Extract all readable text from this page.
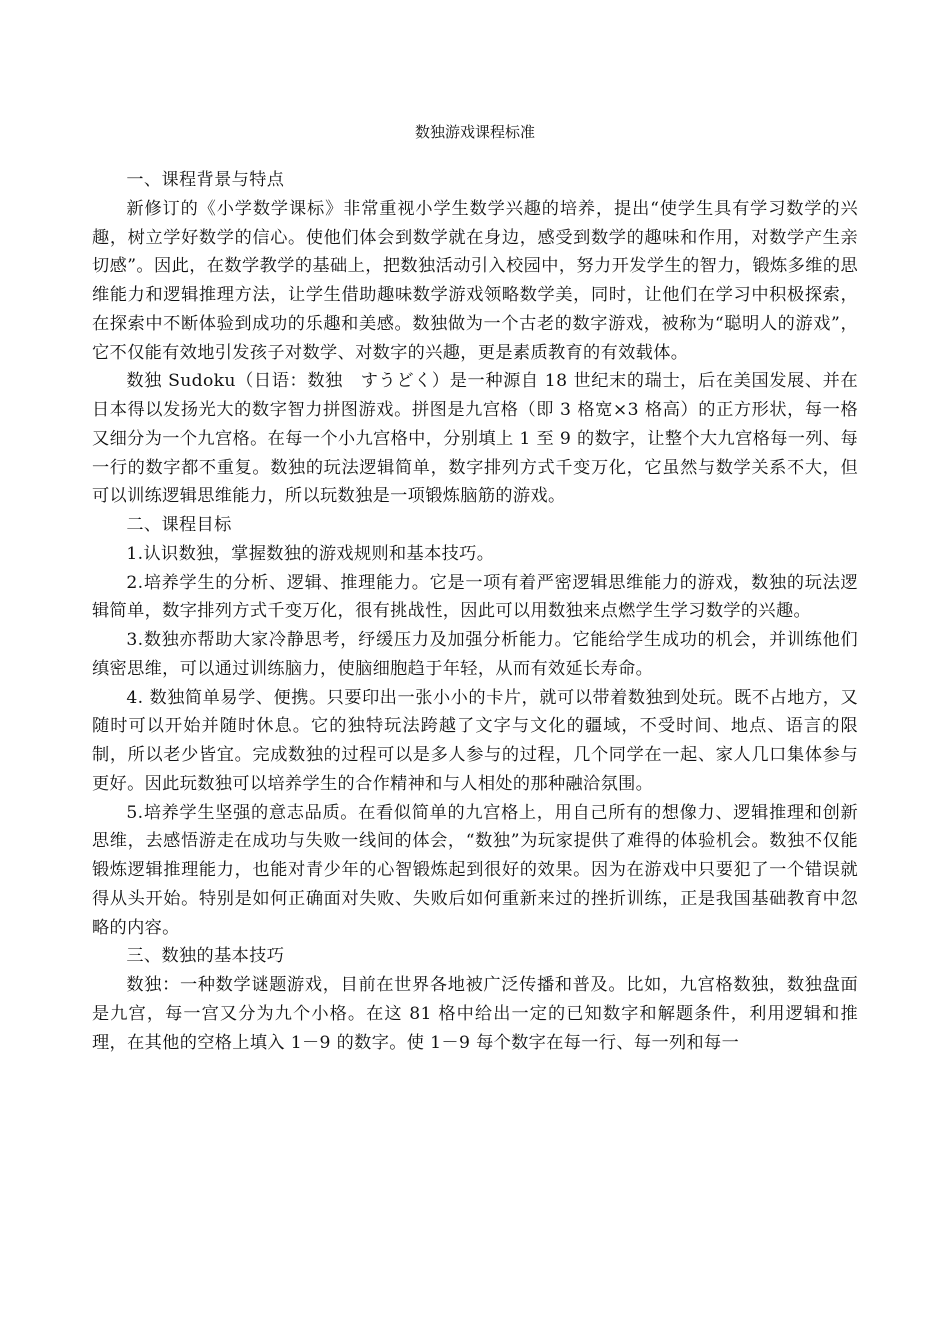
数独游戏课程标准

一、课程背景与特点

新修订的《小学数学课标》非常重视小学生数学兴趣的培养，提出“使学生具有学习数学的兴趣，树立学好数学的信心。使他们体会到数学就在身边，感受到数学的趣味和作用，对数学产生亲切感”。因此，在数学教学的基础上，把数独活动引入校园中，努力开发学生的智力，锻炼多维的思维能力和逻辑推理方法，让学生借助趣味数学游戏领略数学美，同时，让他们在学习中积极探索，在探索中不断体验到成功的乐趣和美感。数独做为一个古老的数字游戏，被称为“聪明人的游戏”，它不仅能有效地引发孩子对数学、对数字的兴趣，更是素质教育的有效载体。

数独 Sudoku（日语：数独　すうどく）是一种源自 18 世纪末的瑞士，后在美国发展、并在日本得以发扬光大的数字智力拼图游戏。拼图是九宫格（即 3 格宽×3 格高）的正方形状，每一格又细分为一个九宫格。在每一个小九宫格中，分别填上 1 至 9 的数字，让整个大九宫格每一列、每一行的数字都不重复。数独的玩法逻辑简单，数字排列方式千变万化，它虽然与数学关系不大，但可以训练逻辑思维能力，所以玩数独是一项锻炼脑筋的游戏。

二、课程目标

1.认识数独，掌握数独的游戏规则和基本技巧。

2.培养学生的分析、逻辑、推理能力。它是一项有着严密逻辑思维能力的游戏，数独的玩法逻辑简单，数字排列方式千变万化，很有挑战性，因此可以用数独来点燃学生学习数学的兴趣。

3.数独亦帮助大家冷静思考，纾缓压力及加强分析能力。它能给学生成功的机会，并训练他们缜密思维，可以通过训练脑力，使脑细胞趋于年轻，从而有效延长寿命。

4. 数独简单易学、便携。只要印出一张小小的卡片，就可以带着数独到处玩。既不占地方，又随时可以开始并随时休息。它的独特玩法跨越了文字与文化的疆域，不受时间、地点、语言的限制，所以老少皆宜。完成数独的过程可以是多人参与的过程，几个同学在一起、家人几口集体参与更好。因此玩数独可以培养学生的合作精神和与人相处的那种融洽氛围。

5.培养学生坚强的意志品质。在看似简单的九宫格上，用自己所有的想像力、逻辑推理和创新思维，去感悟游走在成功与失败一线间的体会，“数独”为玩家提供了难得的体验机会。数独不仅能锻炼逻辑推理能力，也能对青少年的心智锻炼起到很好的效果。因为在游戏中只要犯了一个错误就得从头开始。特别是如何正确面对失败、失败后如何重新来过的挫折训练，正是我国基础教育中忽略的内容。

三、数独的基本技巧

数独：一种数学谜题游戏，目前在世界各地被广泛传播和普及。比如，九宫格数独，数独盘面是九宫，每一宫又分为九个小格。在这 81 格中给出一定的已知数字和解题条件，利用逻辑和推理，在其他的空格上填入 1－9 的数字。使 1－9 每个数字在每一行、每一列和每一
